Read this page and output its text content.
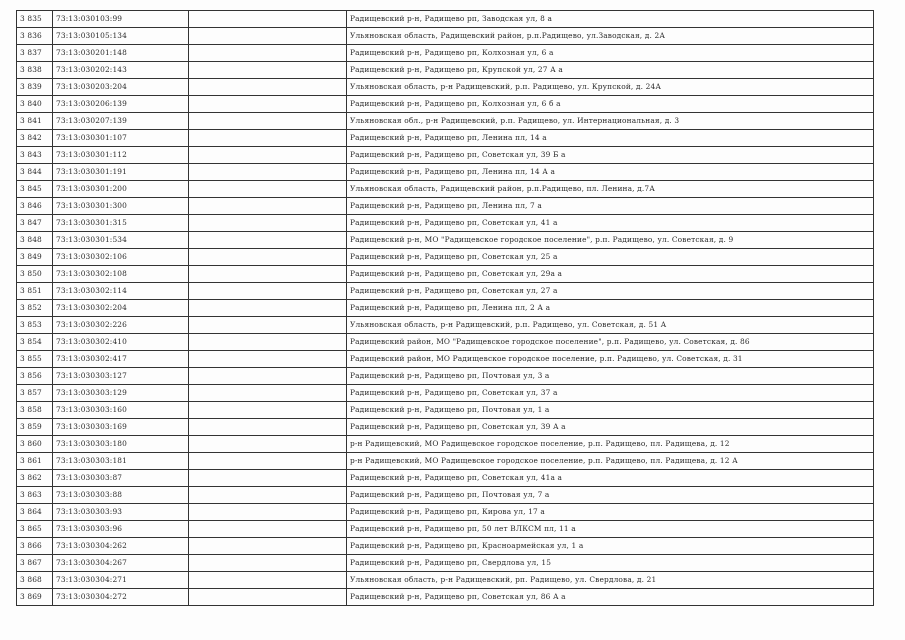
3 835	73:13:030103:99		Радищевский р-н, Радищево рп, Заводская ул, 8 а
3 836	73:13:030105:134		Ульяновская область, Радищевский район, р.п.Радищево, ул.Заводская, д. 2А
3 837	73:13:030201:148		Радищевский р-н, Радищево рп, Колхозная ул, 6 а
3 838	73:13:030202:143		Радищевский р-н, Радищево рп, Крупской ул, 27 А а
3 839	73:13:030203:204		Ульяновская область, р-н Радищевский, р.п. Радищево, ул. Крупской, д. 24А
3 840	73:13:030206:139		Радищевский р-н, Радищево рп, Колхозная ул, 6 б а
3 841	73:13:030207:139		Ульяновская обл., р-н Радищевский, р.п. Радищево, ул. Интернациональная, д. 3
3 842	73:13:030301:107		Радищевский р-н, Радищево рп, Ленина пл, 14 а
3 843	73:13:030301:112		Радищевский р-н, Радищево рп, Советская ул, 39 Б а
3 844	73:13:030301:191		Радищевский р-н, Радищево рп, Ленина пл, 14 А а
3 845	73:13:030301:200		Ульяновская область, Радищевский район, р.п.Радищево, пл. Ленина, д.7А
3 846	73:13:030301:300		Радищевский р-н, Радищево рп, Ленина пл, 7 а
3 847	73:13:030301:315		Радищевский р-н, Радищево рп, Советская ул, 41 а
3 848	73:13:030301:534		Радищевский р-н, МО "Радищевское городское поселение", р.п. Радищево, ул. Советская, д. 9
3 849	73:13:030302:106		Радищевский р-н, Радищево рп, Советская ул, 25 а
3 850	73:13:030302:108		Радищевский р-н, Радищево рп, Советская ул, 29а а
3 851	73:13:030302:114		Радищевский р-н, Радищево рп, Советская ул, 27 а
3 852	73:13:030302:204		Радищевский р-н, Радищево рп, Ленина пл, 2 А а
3 853	73:13:030302:226		Ульяновская область, р-н Радищевский, р.п. Радищево, ул. Советская, д. 51 А
3 854	73:13:030302:410		Радищевский район, МО "Радищевское городское поселение", р.п. Радищево, ул. Советская, д. 86
3 855	73:13:030302:417		Радищевский район, МО Радищевское городское поселение, р.п. Радищево, ул. Советская, д. 31
3 856	73:13:030303:127		Радищевский р-н, Радищево рп, Почтовая ул, 3 а
3 857	73:13:030303:129		Радищевский р-н, Радищево рп, Советская ул, 37 а
3 858	73:13:030303:160		Радищевский р-н, Радищево рп, Почтовая ул, 1 а
3 859	73:13:030303:169		Радищевский р-н, Радищево рп, Советская ул, 39 А а
3 860	73:13:030303:180		р-н Радищевский, МО Радищевское городское поселение, р.п. Радищево, пл. Радищева, д. 12
3 861	73:13:030303:181		р-н Радищевский, МО Радищевское городское поселение, р.п. Радищево, пл. Радищева, д. 12 А
3 862	73:13:030303:87		Радищевский р-н, Радищево рп, Советская ул, 41а а
3 863	73:13:030303:88		Радищевский р-н, Радищево рп, Почтовая ул, 7 а
3 864	73:13:030303:93		Радищевский р-н, Радищево рп, Кирова ул, 17 а
3 865	73:13:030303:96		Радищевский р-н, Радищево рп, 50 лет ВЛКСМ пл, 11 а
3 866	73:13:030304:262		Радищевский р-н, Радищево рп, Красноармейская ул, 1 а
3 867	73:13:030304:267		Радищевский р-н, Радищево рп, Свердлова ул, 15
3 868	73:13:030304:271		Ульяновская область, р-н Радищевский, рп. Радищево, ул. Свердлова, д. 21
3 869	73:13:030304:272		Радищевский р-н, Радищево рп, Советская ул, 86 А а
